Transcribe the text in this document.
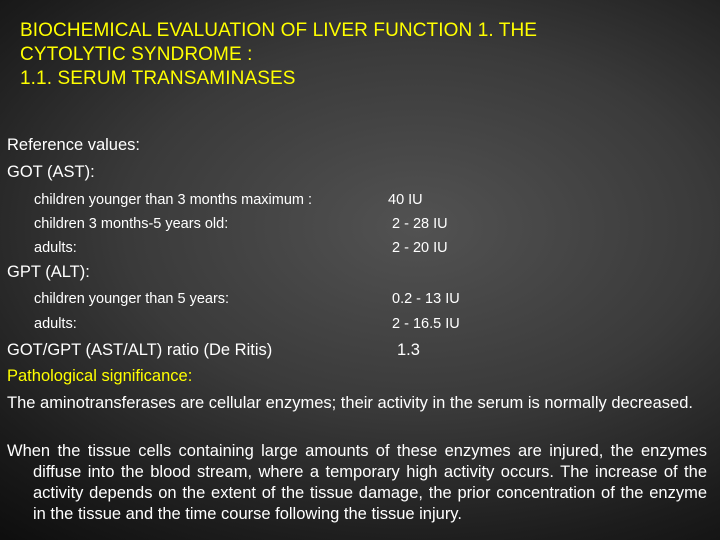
BIOCHEMICAL EVALUATION OF LIVER FUNCTION 1. THE
CYTOLYTIC SYNDROME :
1.1. SERUM TRANSAMINASES
Reference values:
GOT (AST):
children younger than 3 months maximum :	40 IU
children 3 months-5 years old:	2 - 28 IU
adults:	2 - 20 IU
GPT (ALT):
children younger than 5 years:	0.2 - 13 IU
adults:	2 - 16.5 IU
GOT/GPT (AST/ALT) ratio (De Ritis)	1.3
Pathological significance:

The aminotransferases are cellular enzymes; their activity in the serum is normally decreased.

When the tissue cells containing large amounts of these enzymes are injured, the enzymes diffuse into the blood stream, where a temporary high activity occurs. The increase of the activity depends on the extent of the tissue damage, the prior concentration of the enzyme in the tissue and the time course following the tissue injury.
